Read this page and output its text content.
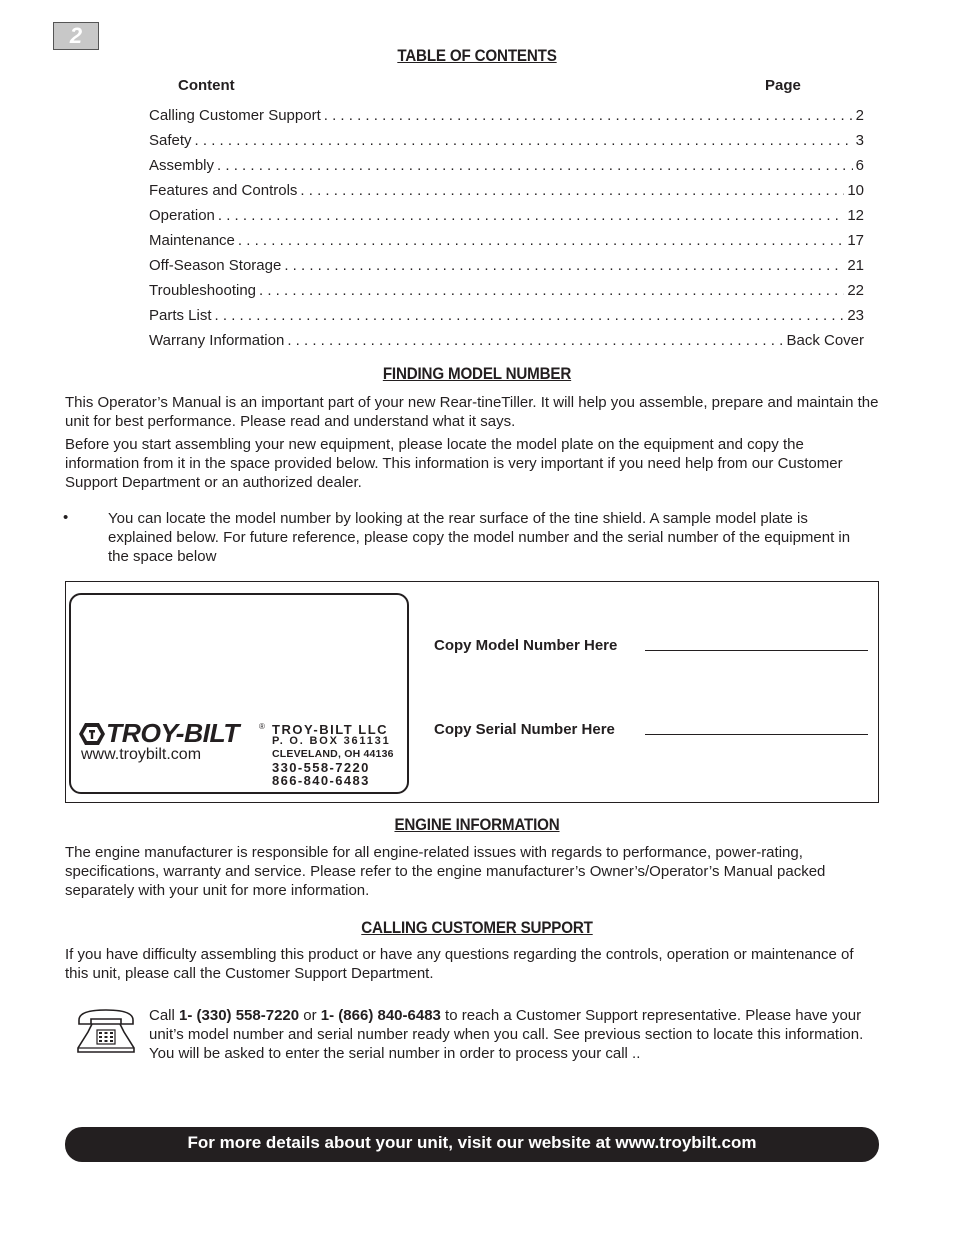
2
TABLE OF CONTENTS
Content	Page
Calling Customer Support . . .	2
Safety . . .	3
Assembly . . .	6
Features and Controls . . .	10
Operation . . .	12
Maintenance . . .	17
Off-Season Storage . . .	21
Troubleshooting . . .	22
Parts List . . .	23
Warrany Information . . .	Back Cover
FINDING MODEL NUMBER
This Operator’s Manual is an important part of your new Rear-tineTiller. It will help you assemble, prepare and maintain the unit for best performance. Please read and understand what it says.
Before you start assembling your new equipment, please locate the model plate on the equipment and copy the information from it in the space provided below. This information is very important if you need help from our Customer Support Department or an authorized dealer.
•	You can locate the model number by looking at the rear surface of the tine shield. A sample model plate is explained below. For future reference, please copy the model number and the serial number of the equipment in the space below
TROY-BILT	®
www.troybilt.com
TROY-BILT LLC
P. O. BOX 361131
CLEVELAND, OH 44136
330-558-7220
866-840-6483
Copy Model Number Here
Copy Serial Number Here
ENGINE INFORMATION
The engine manufacturer is responsible for all engine-related issues with regards to performance, power-rating, specifications, warranty and service. Please refer to the engine manufacturer’s Owner’s/Operator’s Manual packed separately with your unit for more information.
CALLING CUSTOMER SUPPORT
If you have difficulty assembling this product or have any questions regarding the controls, operation or maintenance of this unit, please call the Customer Support Department.
Call 1- (330) 558-7220 or 1- (866) 840-6483 to reach a Customer Support representative. Please have your unit’s model number and serial number ready when you call. See previous section to locate this information. You will be asked to enter the serial number in order to process your call ..
For more details about your unit, visit our website at www.troybilt.com
